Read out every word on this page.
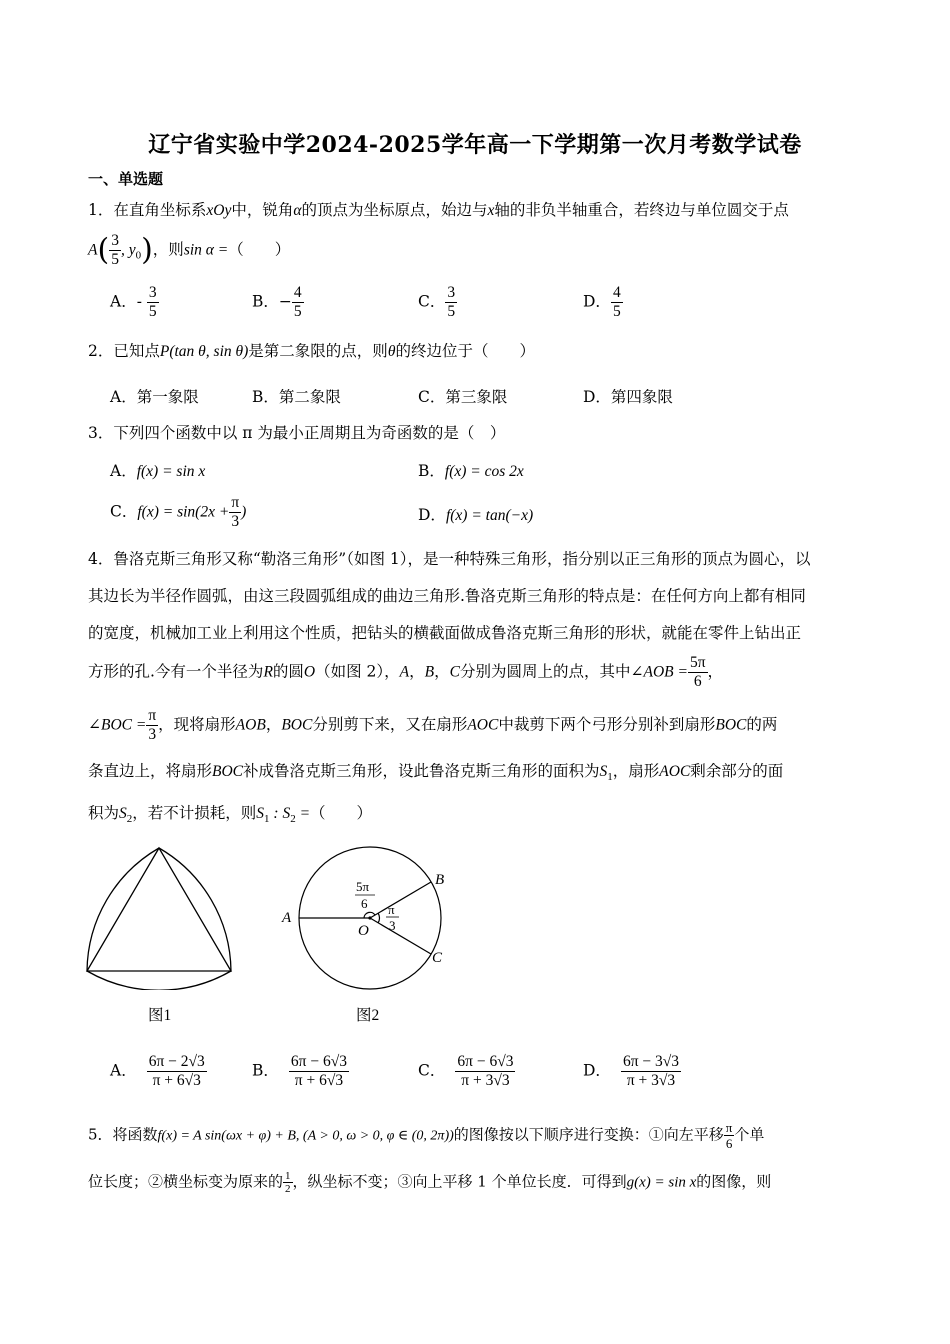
辽宁省实验中学2024-2025学年高一下学期第一次月考数学试卷
一、单选题
1．在直角坐标系xOy中，锐角α的顶点为坐标原点，始边与x轴的非负半轴重合，若终边与单位圆交于点
$A( \frac{3}{5}$ , $y_0$)，则sin α =（　　）
A．- $\frac{3}{5}$	B．− $\frac{4}{5}$	C． $\frac{3}{5}$	D． $\frac{4}{5}$
2．已知点P(tan θ, sin θ)是第二象限的点，则θ的终边位于（　　）
A．第一象限	B．第二象限	C．第三象限	D．第四象限
3．下列四个函数中以 π 为最小正周期且为奇函数的是（　）
A．f(x) = sin x	B．f(x) = cos 2x
C．$f(x) = \sin(2x + \frac{\pi}{3}$ )	D．f(x) = tan(−x)
4．鲁洛克斯三角形又称“勒洛三角形”（如图 1），是一种特殊三角形，指分别以正三角形的顶点为圆心，以
其边长为半径作圆弧，由这三段圆弧组成的曲边三角形.鲁洛克斯三角形的特点是：在任何方向上都有相同
的宽度，机械加工业上利用这个性质，把钻头的横截面做成鲁洛克斯三角形的形状，就能在零件上钻出正
方形的孔.今有一个半径为R的圆O（如图 2），A，B，C分别为圆周上的点，其中∠AOB = $\frac{5\pi}{6}$ ，
∠BOC = $\frac{\pi}{3}$ ，现将扇形AOB，BOC分别剪下来，又在扇形AOC中裁剪下两个弓形分别补到扇形BOC的两
条直边上，将扇形BOC补成鲁洛克斯三角形，设此鲁洛克斯三角形的面积为$S_1$，扇形AOC剩余部分的面
积为$S_2$，若不计损耗，则$S_1$ : $S_2$ =（　　）
图1
A
B
C
O
5π
6 π
3
图2
A． $\frac{6\pi - 2√3}{\pi + 6√3}$	B． $\frac{6\pi - 6√3}{\pi + 6√3}$	C． $\frac{6\pi - 6√3}{\pi + 3√3}$	D． $\frac{6\pi - 3√3}{\pi + 3√3}$
5．将函数f(x) = A sin(ωx + φ) + B, (A > 0, ω > 0, φ ∈ (0, 2π))的图像按以下顺序进行变换：①向左平移 $\frac{\pi}{6}$ 个单
位长度；②横坐标变为原来的 $\frac{1}{2}$ ，纵坐标不变；③向上平移 1 个单位长度．可得到g(x) = sin x的图像，则
